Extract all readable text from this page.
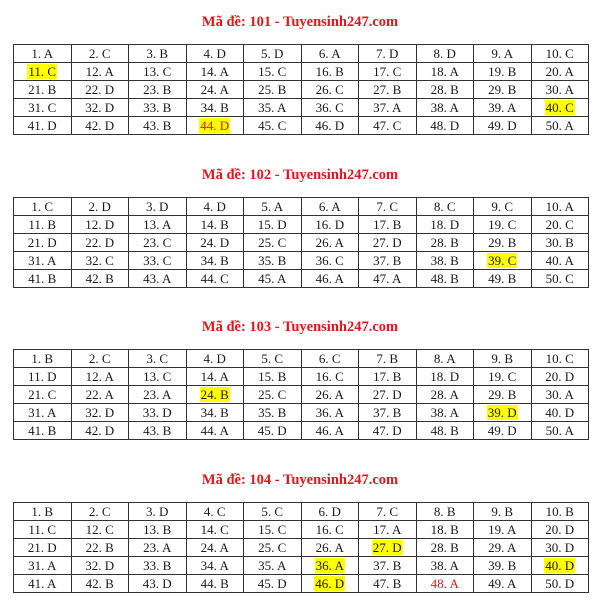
Mã đề: 101 - Tuyensinh247.com
1. A	2. C	3. B	4. D	5. D	6. A	7. D	8. D	9. A	10. C
11. C	12. A	13. C	14. A	15. C	16. B	17. C	18. A	19. B	20. A
21. B	22. D	23. B	24. A	25. B	26. C	27. B	28. B	29. B	30. A
31. C	32. D	33. B	34. B	35. A	36. C	37. A	38. A	39. A	40. C
41. D	42. D	43. B	44. D	45. C	46. D	47. C	48. D	49. D	50. A
Mã đề: 102 - Tuyensinh247.com
1. C	2. D	3. D	4. D	5. A	6. A	7. C	8. C	9. C	10. A
11. B	12. D	13. A	14. B	15. D	16. D	17. B	18. D	19. C	20. C
21. D	22. D	23. C	24. D	25. C	26. A	27. D	28. B	29. B	30. B
31. A	32. C	33. C	34. B	35. B	36. C	37. B	38. B	39. C	40. A
41. B	42. B	43. A	44. C	45. A	46. A	47. A	48. B	49. B	50. C
Mã đề: 103 - Tuyensinh247.com
1. B	2. C	3. C	4. D	5. C	6. C	7. B	8. A	9. B	10. C
11. D	12. A	13. C	14. A	15. B	16. C	17. B	18. D	19. C	20. D
21. C	22. A	23. A	24. B	25. C	26. A	27. D	28. A	29. B	30. A
31. A	32. D	33. D	34. B	35. B	36. A	37. B	38. A	39. D	40. D
41. B	42. D	43. B	44. A	45. D	46. A	47. D	48. B	49. D	50. A
Mã đề: 104 - Tuyensinh247.com
1. B	2. C	3. D	4. C	5. C	6. D	7. C	8. B	9. B	10. B
11. C	12. C	13. B	14. C	15. C	16. C	17. A	18. B	19. A	20. D
21. D	22. B	23. A	24. A	25. C	26. A	27. D	28. B	29. A	30. D
31. A	32. D	33. B	34. A	35. A	36. A	37. B	38. A	39. B	40. D
41. A	42. B	43. D	44. B	45. D	46. D	47. B	48. A	49. A	50. D
